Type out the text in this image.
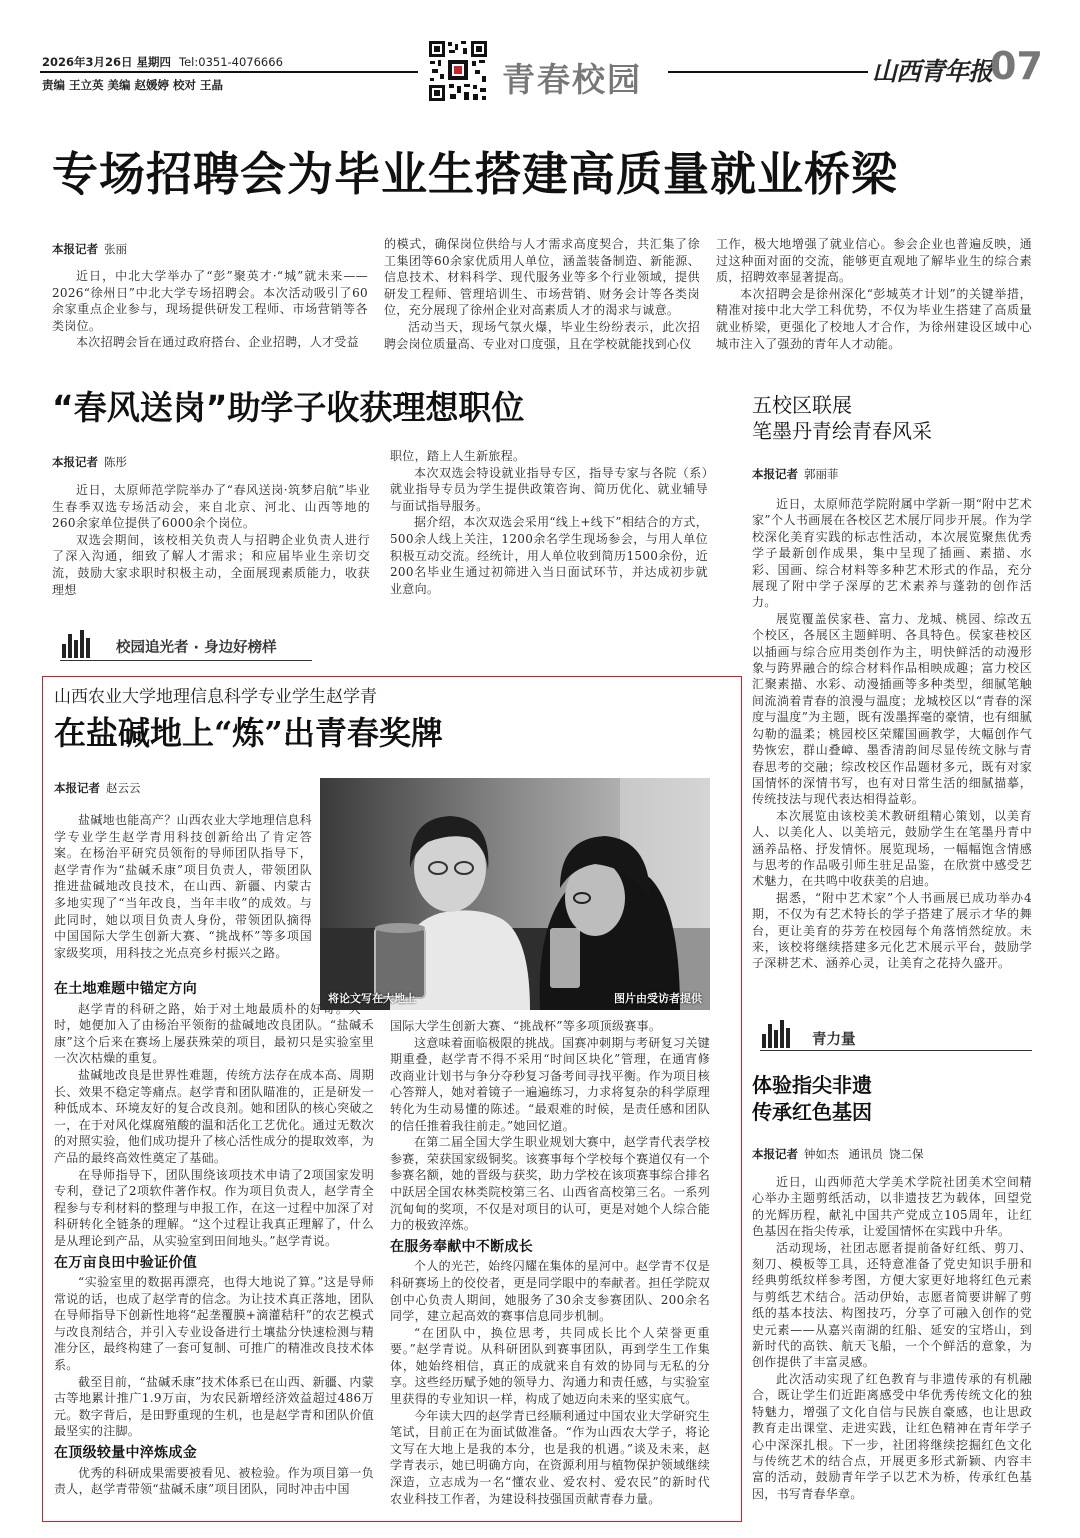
2026年3月26日 星期四 Tel:0351-4076666
责编 王立英 美编 赵媛婷 校对 王晶	青春校园	山西青年报
07
专场招聘会为毕业生搭建高质量就业桥梁
本报记者 张丽

近日，中北大学举办了“彭”聚英才·“城”就未来——2026“徐州日”中北大学专场招聘会。本次活动吸引了60余家重点企业参与，现场提供研发工程师、市场营销等各类岗位。

本次招聘会旨在通过政府搭台、企业招聘，人才受益

的模式，确保岗位供给与人才需求高度契合，共汇集了徐工集团等60余家优质用人单位，涵盖装备制造、新能源、信息技术、材料科学、现代服务业等多个行业领域，提供研发工程师、管理培训生、市场营销、财务会计等各类岗位，充分展现了徐州企业对高素质人才的渴求与诚意。

活动当天，现场气氛火爆，毕业生纷纷表示，此次招聘会岗位质量高、专业对口度强，且在学校就能找到心仪

工作，极大地增强了就业信心。参会企业也普遍反映，通过这种面对面的交流，能够更直观地了解毕业生的综合素质，招聘效率显著提高。

本次招聘会是徐州深化“彭城英才计划”的关键举措，精准对接中北大学工科优势，不仅为毕业生搭建了高质量就业桥梁，更强化了校地人才合作，为徐州建设区域中心城市注入了强劲的青年人才动能。

“春风送岗”助学子收获理想职位
本报记者 陈彤

近日，太原师范学院举办了“春风送岗·筑梦启航”毕业生春季双选专场活动会，来自北京、河北、山西等地的260余家单位提供了6000余个岗位。

双选会期间，该校相关负责人与招聘企业负责人进行了深入沟通，细致了解人才需求；和应届毕业生亲切交流，鼓励大家求职时积极主动，全面展现素质能力，收获理想

职位，踏上人生新旅程。

本次双选会特设就业指导专区，指导专家与各院（系）就业指导专员为学生提供政策咨询、简历优化、就业辅导与面试指导服务。

据介绍，本次双选会采用“线上+线下”相结合的方式，500余人线上关注，1200余名学生现场参会，与用人单位积极互动交流。经统计，用人单位收到简历1500余份，近200名毕业生通过初筛进入当日面试环节，并达成初步就业意向。

校园追光者 · 身边好榜样
山西农业大学地理信息科学专业学生赵学青
在盐碱地上“炼”出青春奖牌
本报记者 赵云云
将论文写在大地上	图片由受访者提供

盐碱地也能高产？山西农业大学地理信息科学专业学生赵学青用科技创新给出了肯定答案。在杨治平研究员领衔的导师团队指导下，赵学青作为“盐碱禾康”项目负责人，带领团队推进盐碱地改良技术，在山西、新疆、内蒙古多地实现了“当年改良，当年丰收”的成效。与此同时，她以项目负责人身份，带领团队摘得中国国际大学生创新大赛、“挑战杯”等多项国家级奖项，用科技之光点亮乡村振兴之路。

在土地难题中锚定方向

赵学青的科研之路，始于对土地最质朴的好奇。大一时，她便加入了由杨治平领衔的盐碱地改良团队。“盐碱禾康”这个后来在赛场上屡获殊荣的项目，最初只是实验室里一次次枯燥的重复。

盐碱地改良是世界性难题，传统方法存在成本高、周期长、效果不稳定等痛点。赵学青和团队瞄准的，正是研发一种低成本、环境友好的复合改良剂。她和团队的核心突破之一，在于对风化煤腐殖酸的温和活化工艺优化。通过无数次的对照实验，他们成功提升了核心活性成分的提取效率，为产品的最终高效性奠定了基础。

在导师指导下，团队围绕该项技术申请了2项国家发明专利，登记了2项软件著作权。作为项目负责人，赵学青全程参与专利材料的整理与申报工作，在这一过程中加深了对科研转化全链条的理解。“这个过程让我真正理解了，什么是从理论到产品，从实验室到田间地头。”赵学青说。

在万亩良田中验证价值

“实验室里的数据再漂亮，也得大地说了算。”这是导师常说的话，也成了赵学青的信念。为让技术真正落地，团队在导师指导下创新性地将“起垄覆膜+滴灌秸秆”的农艺模式与改良剂结合，并引入专业设备进行土壤盐分快速检测与精准分区，最终构建了一套可复制、可推广的精准改良技术体系。

截至目前，“盐碱禾康”技术体系已在山西、新疆、内蒙古等地累计推广1.9万亩，为农民新增经济效益超过486万元。数字背后，是田野重现的生机，也是赵学青和团队价值最坚实的注脚。

在顶级较量中淬炼成金

优秀的科研成果需要被看见、被检验。作为项目第一负责人，赵学青带领“盐碱禾康”项目团队，同时冲击中国

国际大学生创新大赛、“挑战杯”等多项顶级赛事。

这意味着面临极限的挑战。国赛冲刺期与考研复习关键期重叠，赵学青不得不采用“时间区块化”管理，在通宵修改商业计划书与争分夺秒复习备考间寻找平衡。作为项目核心答辩人，她对着镜子一遍遍练习，力求将复杂的科学原理转化为生动易懂的陈述。“最艰难的时候，是责任感和团队的信任推着我往前走。”她回忆道。

在第二届全国大学生职业规划大赛中，赵学青代表学校参赛，荣获国家级铜奖。该赛事每个学校每个赛道仅有一个参赛名额，她的晋级与获奖，助力学校在该项赛事综合排名中跃居全国农林类院校第三名、山西省高校第三名。一系列沉甸甸的奖项，不仅是对项目的认可，更是对她个人综合能力的极致淬炼。

在服务奉献中不断成长

个人的光芒，始终闪耀在集体的星河中。赵学青不仅是科研赛场上的佼佼者，更是同学眼中的奉献者。担任学院双创中心负责人期间，她服务了30余支参赛团队、200余名同学，建立起高效的赛事信息同步机制。

“在团队中，换位思考，共同成长比个人荣誉更重要。”赵学青说。从科研团队到赛事团队，再到学生工作集体，她始终相信，真正的成就来自有效的协同与无私的分享。这些经历赋予她的领导力、沟通力和责任感，与实验室里获得的专业知识一样，构成了她迈向未来的坚实底气。

今年读大四的赵学青已经顺利通过中国农业大学研究生笔试，目前正在为面试做准备。“作为山西农大学子，将论文写在大地上是我的本分，也是我的机遇。”谈及未来，赵学青表示，她已明确方向，在资源利用与植物保护领域继续深造，立志成为一名“懂农业、爱农村、爱农民”的新时代农业科技工作者，为建设科技强国贡献青春力量。

五校区联展
笔墨丹青绘青春风采
本报记者 郭丽菲

近日，太原师范学院附属中学新一期“附中艺术家”个人书画展在各校区艺术展厅同步开展。作为学校深化美育实践的标志性活动，本次展览聚焦优秀学子最新创作成果，集中呈现了插画、素描、水彩、国画、综合材料等多种艺术形式的作品，充分展现了附中学子深厚的艺术素养与蓬勃的创作活力。

展览覆盖侯家巷、富力、龙城、桃园、综改五个校区，各展区主题鲜明、各具特色。侯家巷校区以插画与综合应用类创作为主，明快鲜活的动漫形象与跨界融合的综合材料作品相映成趣；富力校区汇聚素描、水彩、动漫插画等多种类型，细腻笔触间流淌着青春的浪漫与温度；龙城校区以“青春的深度与温度”为主题，既有泼墨挥毫的豪情，也有细腻勾勒的温柔；桃园校区荣耀国画教学，大幅创作气势恢宏，群山叠嶂、墨香清韵间尽显传统文脉与青春思考的交融；综改校区作品题材多元，既有对家国情怀的深情书写，也有对日常生活的细腻描摹，传统技法与现代表达相得益彰。

本次展览由该校美术教研组精心策划，以美育人、以美化人、以美培元，鼓励学生在笔墨丹青中涵养品格、抒发情怀。展览现场，一幅幅饱含情感与思考的作品吸引师生驻足品鉴，在欣赏中感受艺术魅力，在共鸣中收获美的启迪。

据悉，“附中艺术家”个人书画展已成功举办4期，不仅为有艺术特长的学子搭建了展示才华的舞台，更让美育的芬芳在校园每个角落悄然绽放。未来，该校将继续搭建多元化艺术展示平台，鼓励学子深耕艺术、涵养心灵，让美育之花持久盛开。

青力量
体验指尖非遗
传承红色基因
本报记者 钟如杰 通讯员 饶二保

近日，山西师范大学美术学院社团美术空间精心举办主题剪纸活动，以非遗技艺为载体，回望党的光辉历程，献礼中国共产党成立105周年，让红色基因在指尖传承，让爱国情怀在实践中升华。

活动现场，社团志愿者提前备好红纸、剪刀、刻刀、模板等工具，还特意准备了党史知识手册和经典剪纸纹样参考图，方便大家更好地将红色元素与剪纸艺术结合。活动伊始，志愿者简要讲解了剪纸的基本技法、构图技巧，分享了可融入创作的党史元素——从嘉兴南湖的红船、延安的宝塔山，到新时代的高铁、航天飞船，一个个鲜活的意象，为创作提供了丰富灵感。

此次活动实现了红色教育与非遗传承的有机融合，既让学生们近距离感受中华优秀传统文化的独特魅力，增强了文化自信与民族自豪感，也让思政教育走出课堂、走进实践，让红色精神在青年学子心中深深扎根。下一步，社团将继续挖掘红色文化与传统艺术的结合点，开展更多形式新颖、内容丰富的活动，鼓励青年学子以艺术为桥，传承红色基因，书写青春华章。
